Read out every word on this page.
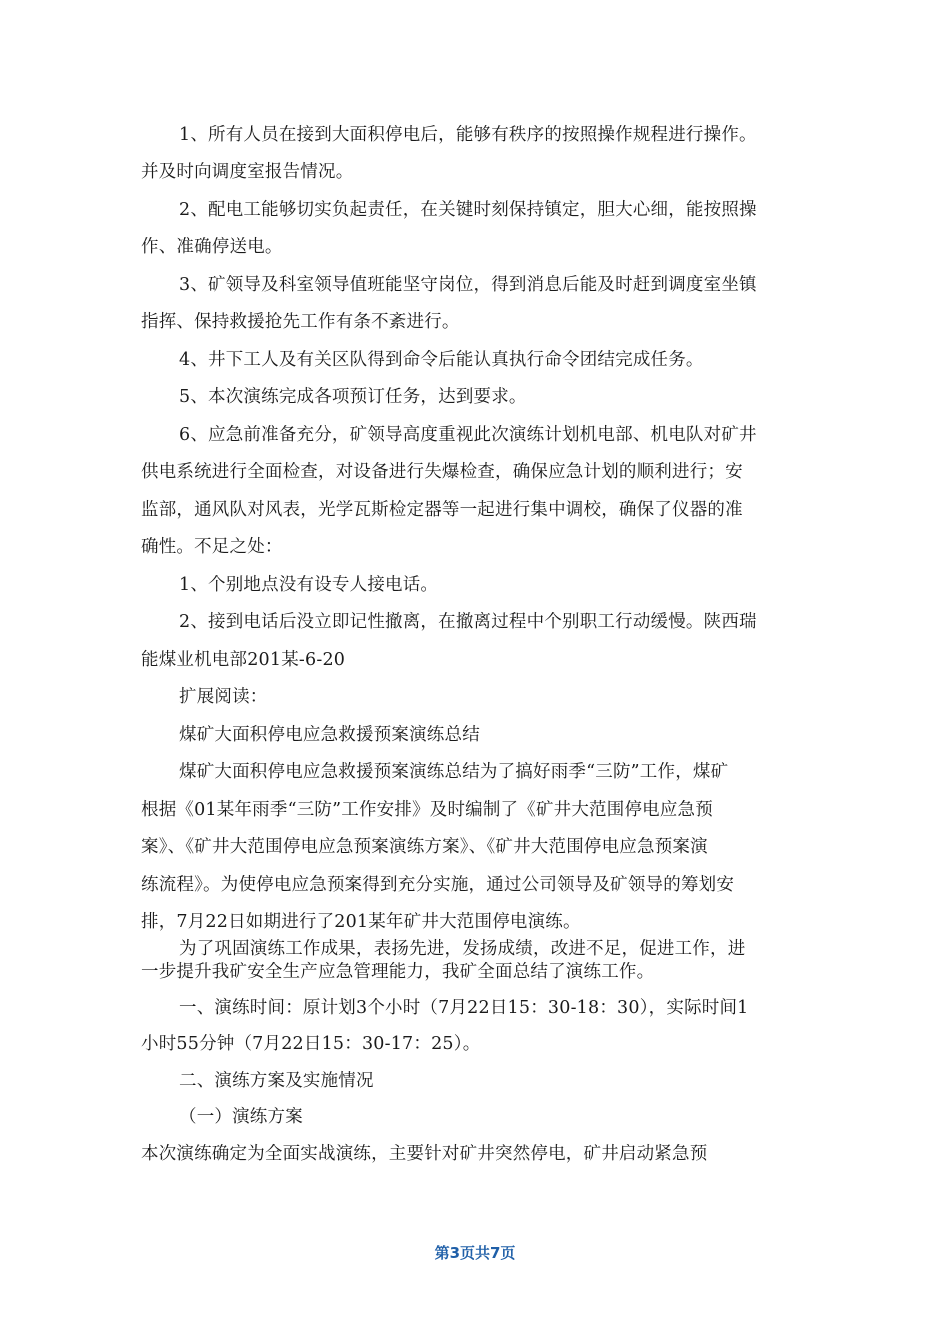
1、所有人员在接到大面积停电后，能够有秩序的按照操作规程进行操作。
并及时向调度室报告情况。
2、配电工能够切实负起责任，在关键时刻保持镇定，胆大心细，能按照操
作、准确停送电。
3、矿领导及科室领导值班能坚守岗位，得到消息后能及时赶到调度室坐镇
指挥、保持救援抢先工作有条不紊进行。
4、井下工人及有关区队得到命令后能认真执行命令团结完成任务。
5、本次演练完成各项预订任务，达到要求。
6、应急前准备充分，矿领导高度重视此次演练计划机电部、机电队对矿井
供电系统进行全面检查，对设备进行失爆检查，确保应急计划的顺利进行；安
监部，通风队对风表，光学瓦斯检定器等一起进行集中调校，确保了仪器的准
确性。不足之处：
1、个别地点没有设专人接电话。
2、接到电话后没立即记性撤离，在撤离过程中个别职工行动缓慢。陕西瑞
能煤业机电部201某-6-20
扩展阅读：
煤矿大面积停电应急救援预案演练总结
煤矿大面积停电应急救援预案演练总结为了搞好雨季“三防”工作，煤矿
根据《01某年雨季“三防”工作安排》及时编制了《矿井大范围停电应急预
案》、《矿井大范围停电应急预案演练方案》、《矿井大范围停电应急预案演
练流程》。为使停电应急预案得到充分实施，通过公司领导及矿领导的筹划安
排，7月22日如期进行了201某年矿井大范围停电演练。
为了巩固演练工作成果，表扬先进，发扬成绩，改进不足，促进工作，进
一步提升我矿安全生产应急管理能力，我矿全面总结了演练工作。
一、演练时间：原计划3个小时（7月22日15：30-18：30），实际时间1
小时55分钟（7月22日15：30-17：25）。
二、演练方案及实施情况
（一）演练方案
本次演练确定为全面实战演练，主要针对矿井突然停电，矿井启动紧急预
第3页共7页
